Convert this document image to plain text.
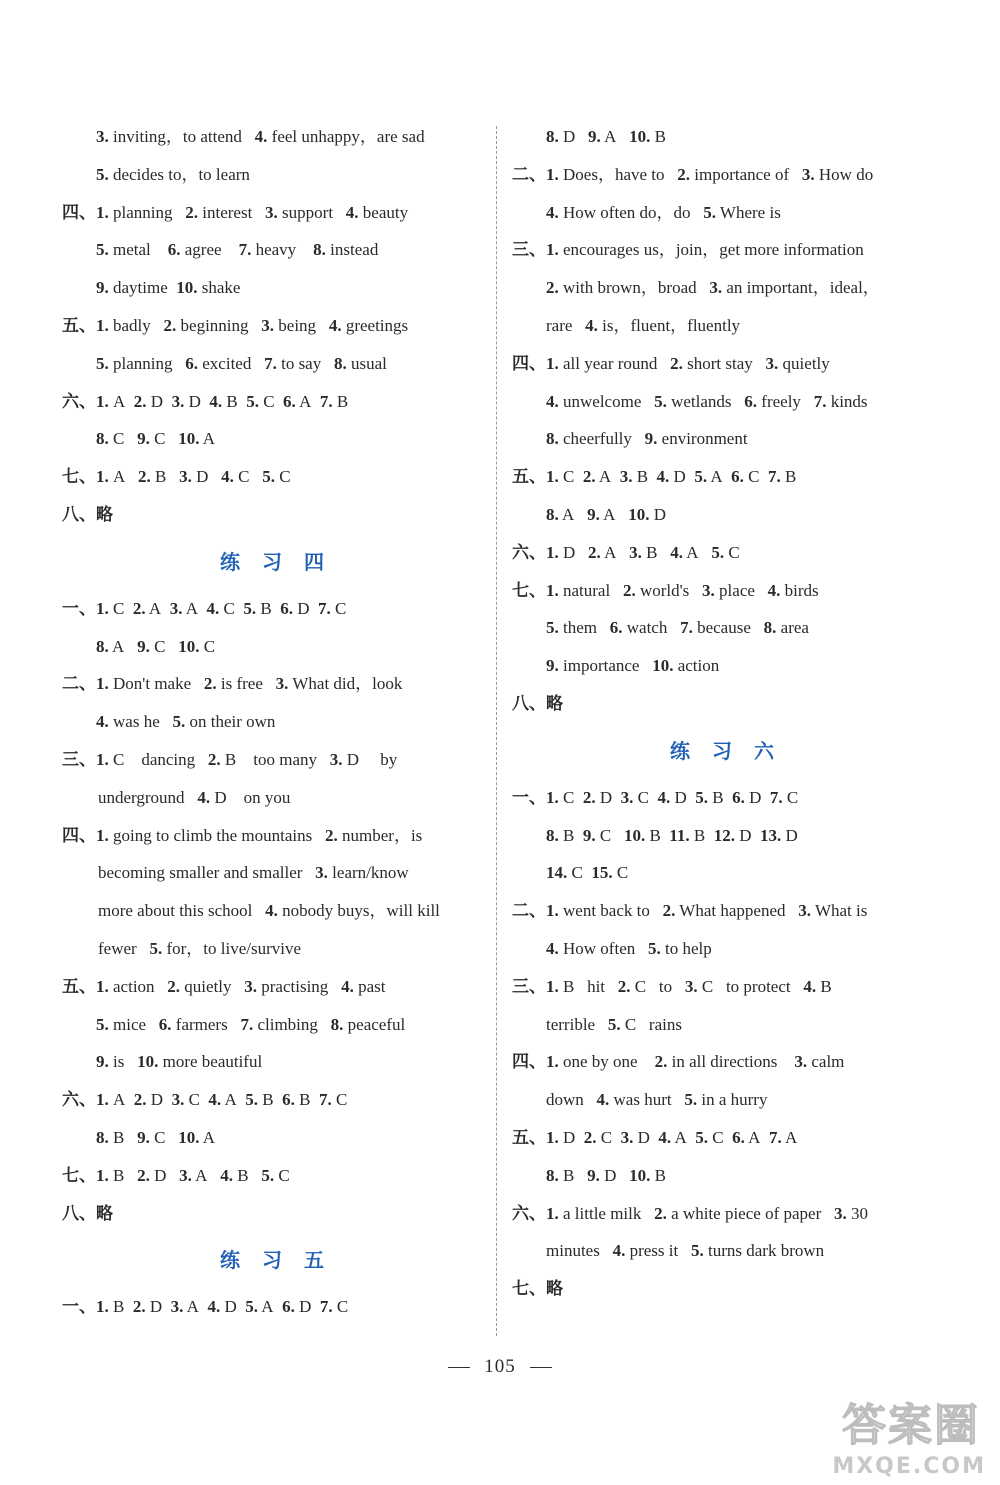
3. inviting，to attend   4. feel unhappy，are sad
5. decides to，to learn
四、1. planning   2. interest   3. support   4. beauty
5. metal    6. agree    7. heavy    8. instead
9. daytime  10. shake
五、1. badly   2. beginning   3. being   4. greetings
5. planning   6. excited   7. to say   8. usual
六、1. A  2. D  3. D  4. B  5. C  6. A  7. B
8. C   9. C   10. A
七、1. A   2. B   3. D   4. C   5. C
八、略
练习四
一、1. C  2. A  3. A  4. C  5. B  6. D  7. C
8. A   9. C   10. C
二、1. Don't make   2. is free   3. What did，look
4. was he   5. on their own
三、1. C    dancing   2. B    too many   3. D     by
underground   4. D    on you
四、1. going to climb the mountains   2. number，is
becoming smaller and smaller   3. learn/know
more about this school   4. nobody buys，will kill
fewer   5. for，to live/survive
五、1. action   2. quietly   3. practising   4. past
5. mice   6. farmers   7. climbing   8. peaceful
9. is   10. more beautiful
六、1. A  2. D  3. C  4. A  5. B  6. B  7. C
8. B   9. C   10. A
七、1. B   2. D   3. A   4. B   5. C
八、略
练习五
一、1. B  2. D  3. A  4. D  5. A  6. D  7. C
8. D   9. A   10. B
二、1. Does，have to   2. importance of   3. How do
4. How often do，do   5. Where is
三、1. encourages us，join，get more information
2. with brown，broad   3. an important，ideal，
rare   4. is，fluent，fluently
四、1. all year round   2. short stay   3. quietly
4. unwelcome   5. wetlands   6. freely   7. kinds
8. cheerfully   9. environment
五、1. C  2. A  3. B  4. D  5. A  6. C  7. B
8. A   9. A   10. D
六、1. D   2. A   3. B   4. A   5. C
七、1. natural   2. world's   3. place   4. birds
5. them   6. watch   7. because   8. area
9. importance   10. action
八、略
练习六
一、1. C  2. D  3. C  4. D  5. B  6. D  7. C
8. B  9. C   10. B  11. B  12. D  13. D
14. C  15. C
二、1. went back to   2. What happened   3. What is
4. How often   5. to help
三、1. B   hit   2. C   to   3. C   to protect   4. B
terrible   5. C   rains
四、1. one by one    2. in all directions    3. calm
down   4. was hurt   5. in a hurry
五、1. D  2. C  3. D  4. A  5. C  6. A  7. A
8. B   9. D   10. B
六、1. a little milk   2. a white piece of paper   3. 30
minutes   4. press it   5. turns dark brown
七、略
105
答案圈
MXQE.COM
